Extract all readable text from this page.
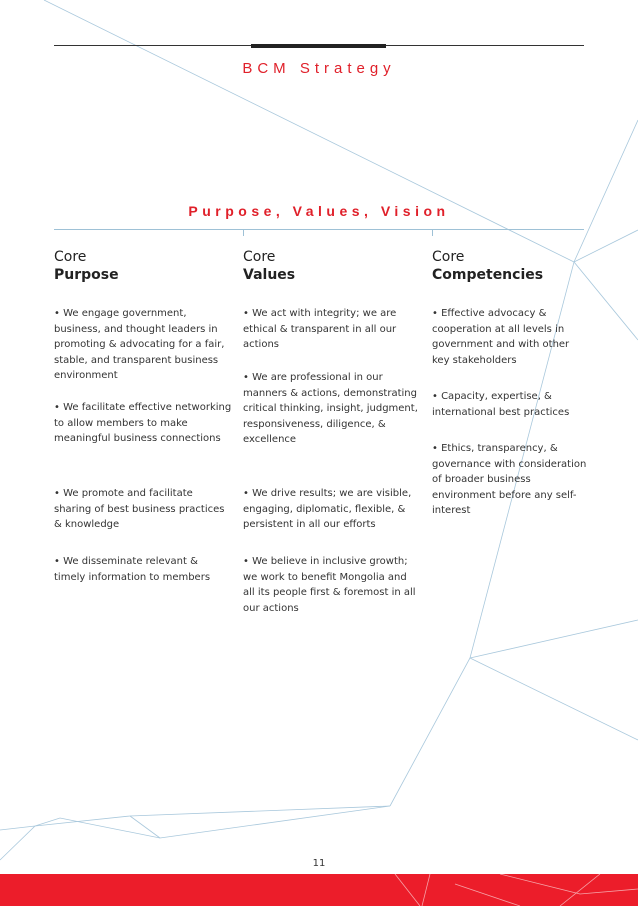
BCM Strategy
Purpose, Values, Vision
Core
Purpose
• We engage government, business, and thought leaders in promoting & advocating for a fair, stable, and transparent business environment
• We facilitate effective networking to allow members to make meaningful business connections
• We promote and facilitate sharing of best business practices & knowledge
• We disseminate relevant & timely information to members
Core
Values
• We act with integrity; we are ethical & transparent in all our actions
• We are professional in our manners & actions, demonstrating critical thinking, insight, judgment, responsiveness, diligence, & excellence
• We drive results; we are visible, engaging, diplomatic, flexible, & persistent in all our efforts
• We believe in inclusive growth; we work to benefit Mongolia and all its people first & foremost in all our actions
Core
Competencies
• Effective advocacy & cooperation at all levels in government and with other key stakeholders
• Capacity, expertise, & international best practices
• Ethics, transparency, & governance with consideration of broader business environment before any self-interest
11
